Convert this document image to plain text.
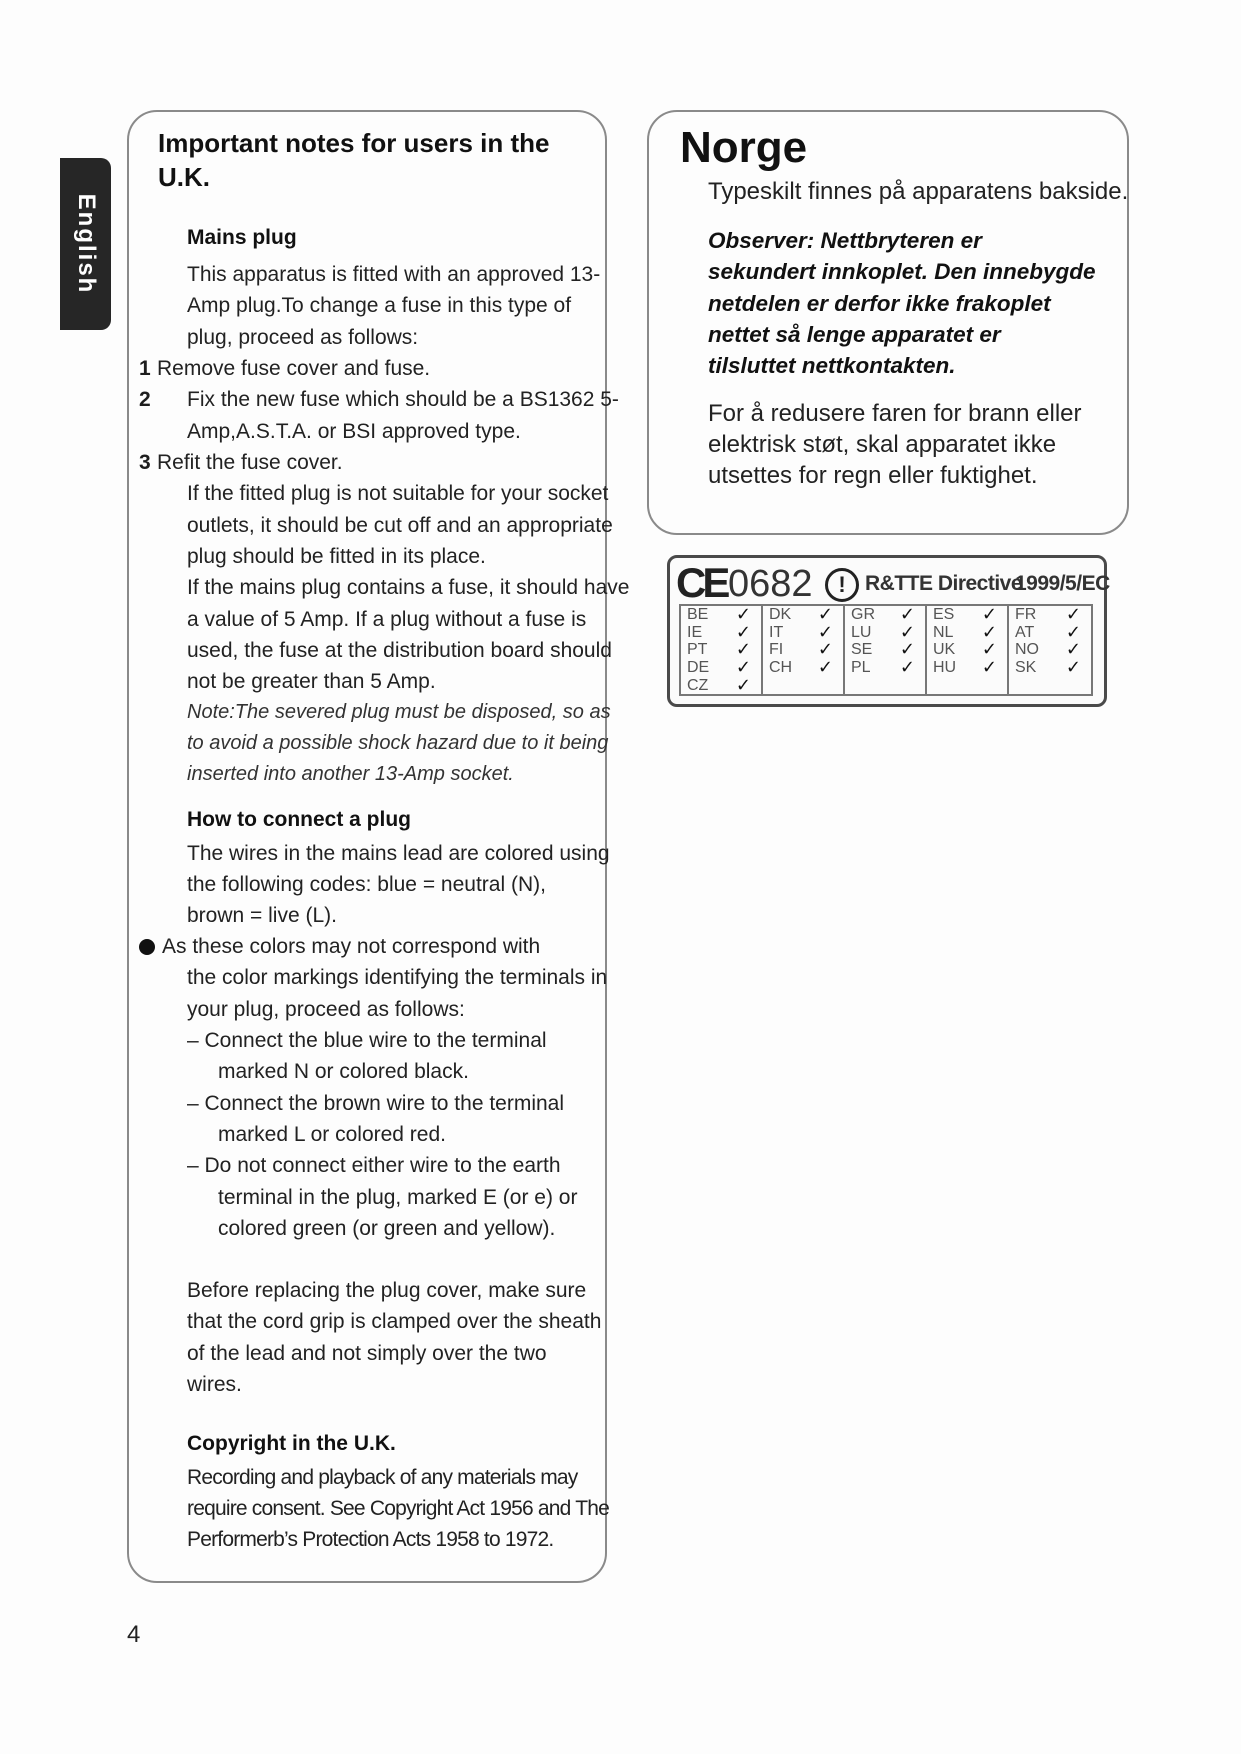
English
Important notes for users in the
U.K.
Mains plug
This apparatus is fitted with an approved 13-
Amp plug.To change a fuse in this type of
plug, proceed as follows:
1 Remove fuse cover and fuse.
2 Fix the new fuse which should be a BS1362 5-
Amp,A.S.T.A. or BSI approved type.
3 Refit the fuse cover.
If the fitted plug is not suitable for your socket
outlets, it should be cut off and an appropriate
plug should be fitted in its place.
If the mains plug contains a fuse, it should have
a value of 5 Amp. If a plug without a fuse is
used, the fuse at the distribution board should
not be greater than 5 Amp.
Note:The severed plug must be disposed, so as
to avoid a possible shock hazard due to it being
inserted into another 13-Amp socket.
How to connect a plug
The wires in the mains lead are colored using
the following codes: blue = neutral (N),
brown = live (L).
As these colors may not correspond with
the color markings identifying the terminals in
your plug, proceed as follows:
– Connect the blue wire to the terminal
marked N or colored black.
– Connect the brown wire to the terminal
marked L or colored red.
– Do not connect either wire to the earth
terminal in the plug, marked E (or e) or
colored green (or green and yellow).
Before replacing the plug cover, make sure
that the cord grip is clamped over the sheath
of the lead and not simply over the two
wires.
Copyright in the U.K.
Recording and playback of any materials may
require consent. See Copyright Act 1956 and The
Performerb’s Protection Acts 1958 to 1972.
Norge
Typeskilt finnes på apparatens bakside.
Observer: Nettbryteren er
sekundert innkoplet. Den innebygde
netdelen er derfor ikke frakoplet
nettet så lenge apparatet er
tilsluttet nettkontakten.
For å redusere faren for brann eller
elektrisk støt, skal apparatet ikke
utsettes for regn eller fuktighet.
CE 0682	! R&TTE Directive
1999/5/EC
BE ✓ DK ✓ GR ✓ ES ✓ FR ✓
IE ✓ IT ✓ LU ✓ NL ✓ AT ✓
PT ✓ FI ✓ SE ✓ UK ✓ NO ✓
DE ✓ CH ✓ PL ✓ HU ✓ SK ✓
CZ ✓
4
